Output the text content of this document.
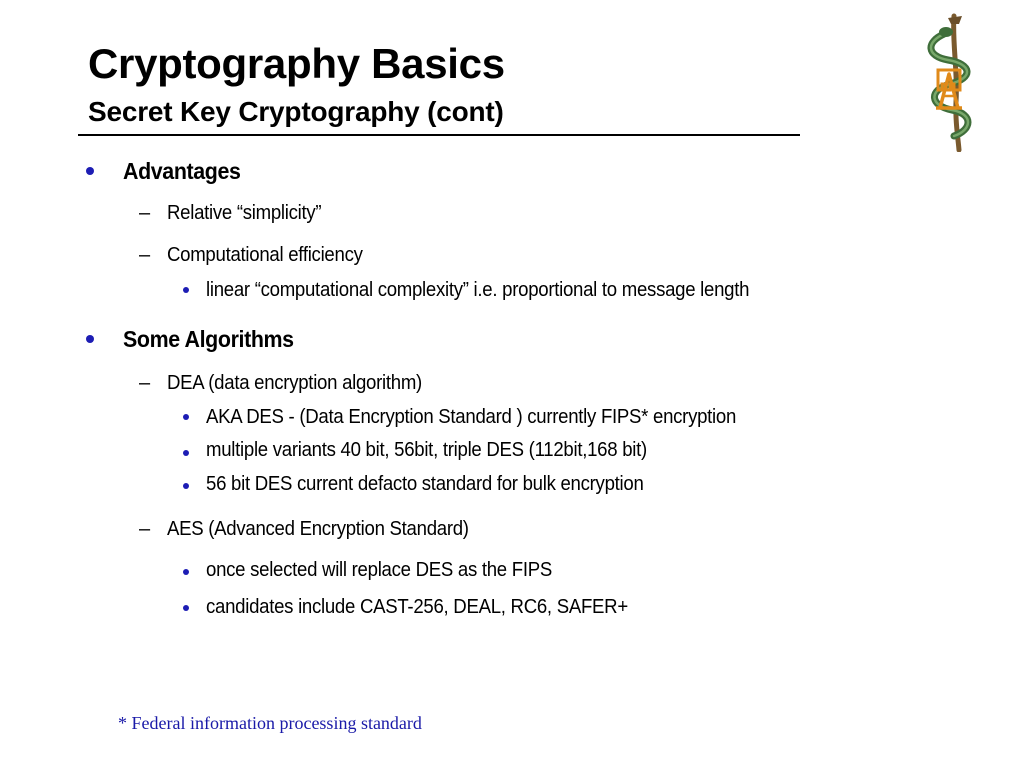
Cryptography Basics
Secret Key Cryptography (cont)
Advantages
– Relative “simplicity”
– Computational efficiency
linear “computational complexity” i.e. proportional to message length
Some Algorithms
– DEA (data encryption algorithm)
AKA DES - (Data Encryption Standard ) currently FIPS* encryption
multiple variants 40 bit, 56bit, triple DES (112bit,168 bit)
56 bit DES current defacto standard for bulk encryption
– AES (Advanced Encryption Standard)
once selected will replace DES as the FIPS
candidates include CAST-256, DEAL, RC6, SAFER+
* Federal information processing standard
